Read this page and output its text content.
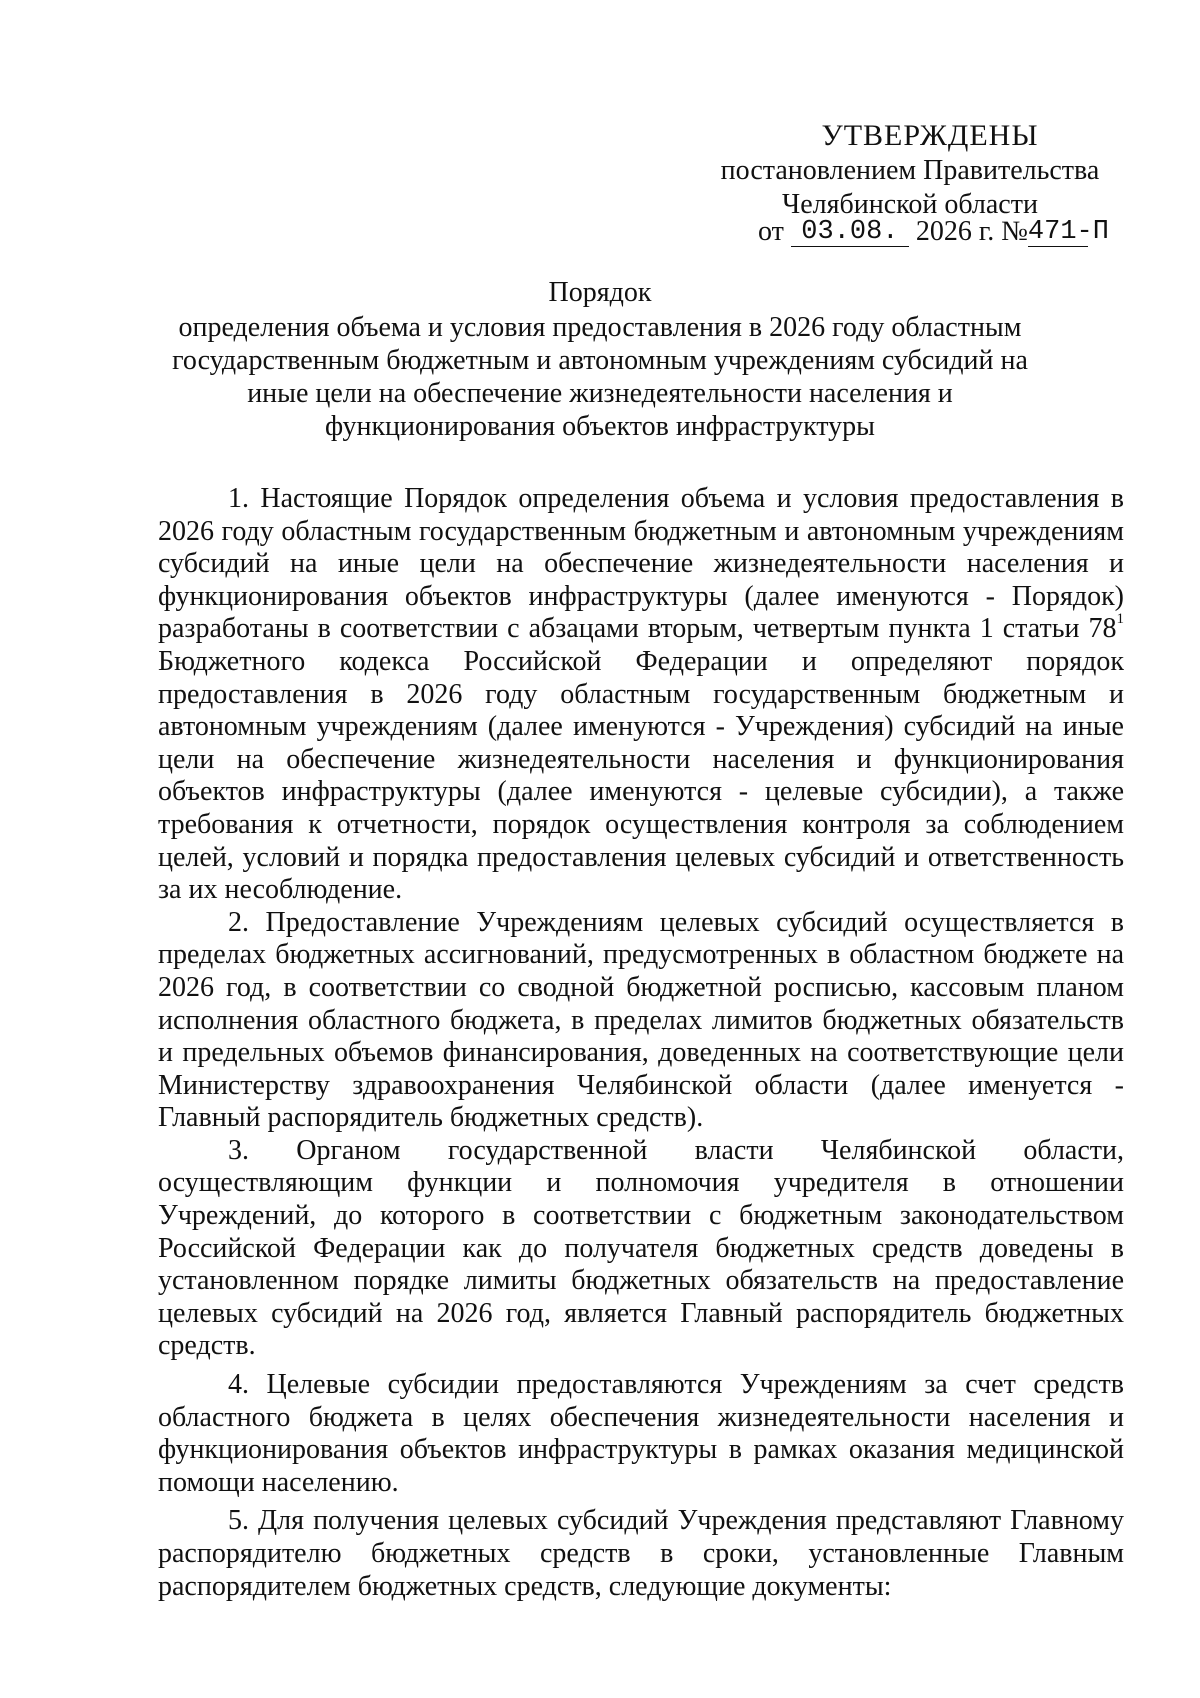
УТВЕРЖДЕНЫ
постановлением Правительства
Челябинской области
от 03.08. 2026 г. №471-П
Порядок
определения объема и условия предоставления в 2026 году областным государственным бюджетным и автономным учреждениям субсидий на иные цели на обеспечение жизнедеятельности населения и функционирования объектов инфраструктуры

1. Настоящие Порядок определения объема и условия предоставления в 2026 году областным государственным бюджетным и автономным учреждениям субсидий на иные цели на обеспечение жизнедеятельности населения и функционирования объектов инфраструктуры (далее именуются - Порядок) разработаны в соответствии с абзацами вторым, четвертым пункта 1 статьи 78$^1$ Бюджетного кодекса Российской Федерации и определяют порядок предоставления в 2026 году областным государственным бюджетным и автономным учреждениям (далее именуются - Учреждения) субсидий на иные цели на обеспечение жизнедеятельности населения и функционирования объектов инфраструктуры (далее именуются - целевые субсидии), а также требования к отчетности, порядок осуществления контроля за соблюдением целей, условий и порядка предоставления целевых субсидий и ответственность за их несоблюдение.

2. Предоставление Учреждениям целевых субсидий осуществляется в пределах бюджетных ассигнований, предусмотренных в областном бюджете на 2026 год, в соответствии со сводной бюджетной росписью, кассовым планом исполнения областного бюджета, в пределах лимитов бюджетных обязательств и предельных объемов финансирования, доведенных на соответствующие цели Министерству здравоохранения Челябинской области (далее именуется - Главный распорядитель бюджетных средств).

3. Органом государственной власти Челябинской области, осуществляющим функции и полномочия учредителя в отношении Учреждений, до которого в соответствии с бюджетным законодательством Российской Федерации как до получателя бюджетных средств доведены в установленном порядке лимиты бюджетных обязательств на предоставление целевых субсидий на 2026 год, является Главный распорядитель бюджетных средств.

4. Целевые субсидии предоставляются Учреждениям за счет средств областного бюджета в целях обеспечения жизнедеятельности населения и функционирования объектов инфраструктуры в рамках оказания медицинской помощи населению.

5. Для получения целевых субсидий Учреждения представляют Главному распорядителю бюджетных средств в сроки, установленные Главным распорядителем бюджетных средств, следующие документы:
